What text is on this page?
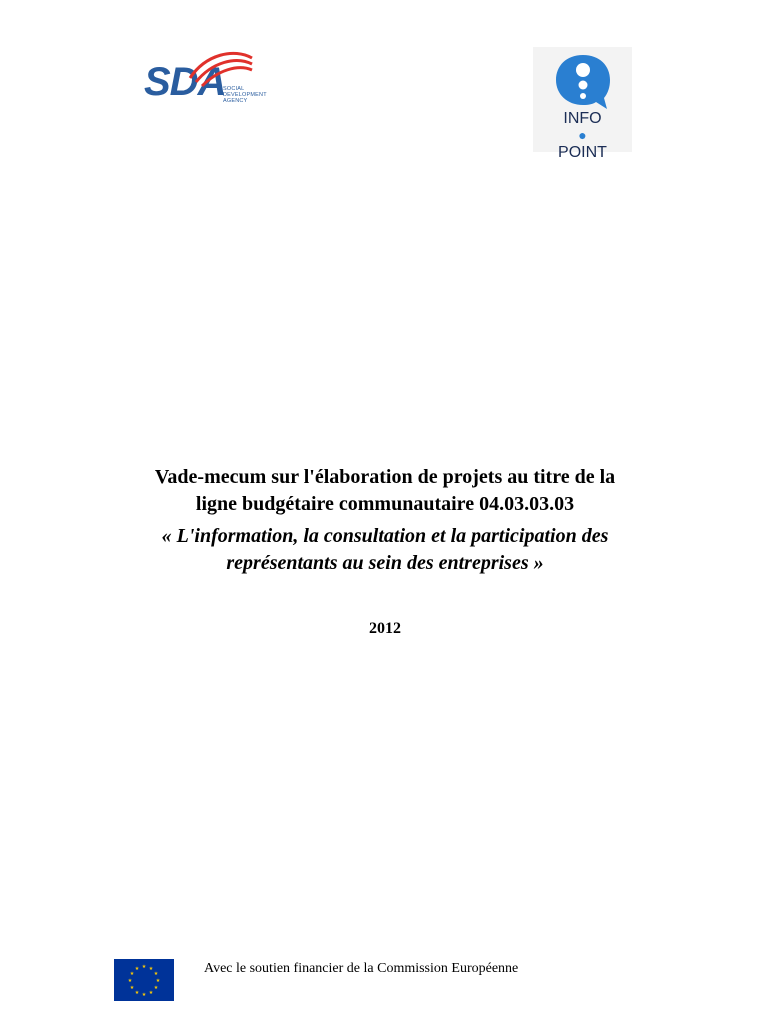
SDA
SOCIAL
DEVELOPMENT
AGENCY
INFO
●
POINT

Vade-mecum sur l'élaboration de projets au titre de la
ligne budgétaire communautaire 04.03.03.03

« L'information, la consultation et la participation des
représentants au sein des entreprises »

2012
★ ★
★
★
★
★
★
★
★
★
★
★	Avec le soutien financier de la Commission Européenne
